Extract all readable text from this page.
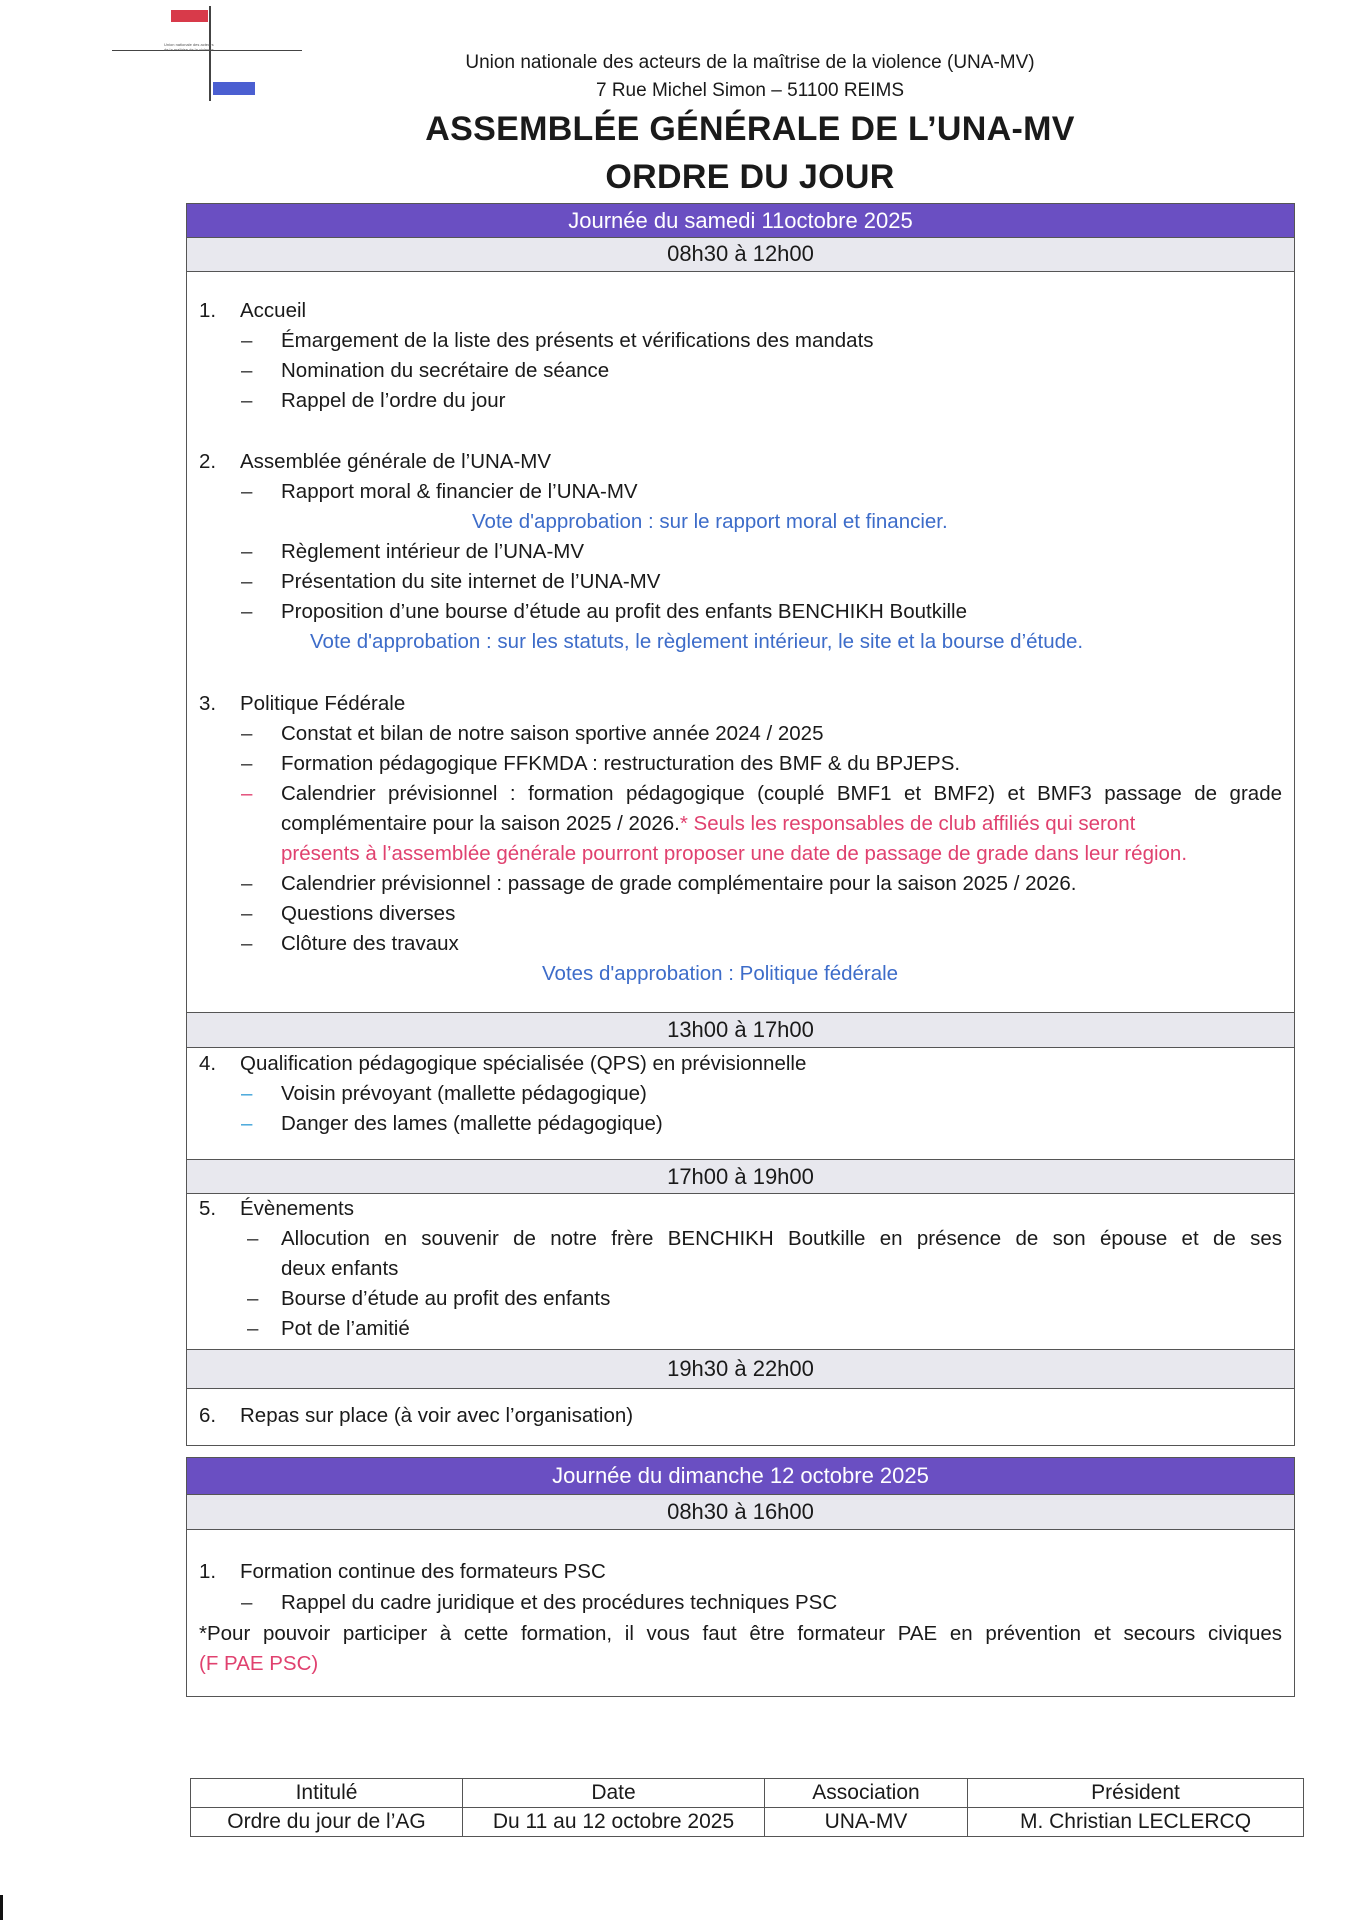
Union nationale des acteurs
de la maîtrise de la violence
Union nationale des acteurs de la maîtrise de la violence (UNA-MV)
7 Rue Michel Simon – 51100 REIMS
ASSEMBLÉE GÉNÉRALE DE L’UNA-MV
ORDRE DU JOUR
Journée du samedi 11octobre 2025
08h30 à 12h00
1. Accueil
– Émargement de la liste des présents et vérifications des mandats
– Nomination du secrétaire de séance
– Rappel de l’ordre du jour
2. Assemblée générale de l’UNA-MV
– Rapport moral & financier de l’UNA-MV
Vote d'approbation : sur le rapport moral et financier.
– Règlement intérieur de l’UNA-MV
– Présentation du site internet de l’UNA-MV
– Proposition d’une bourse d’étude au profit des enfants BENCHIKH Boutkille
Vote d'approbation : sur les statuts, le règlement intérieur, le site et la bourse d’étude.
3. Politique Fédérale
– Constat et bilan de notre saison sportive année 2024 / 2025
– Formation pédagogique FFKMDA : restructuration des BMF & du BPJEPS.
– Calendrier prévisionnel : formation pédagogique (couplé BMF1 et BMF2) et BMF3 passage de grade
complémentaire pour la saison 2025 / 2026.* Seuls les responsables de club affiliés qui seront
présents à l’assemblée générale pourront proposer une date de passage de grade dans leur région.
– Calendrier prévisionnel : passage de grade complémentaire pour la saison 2025 / 2026.
– Questions diverses
– Clôture des travaux
Votes d'approbation : Politique fédérale
13h00 à 17h00
4. Qualification pédagogique spécialisée (QPS) en prévisionnelle
– Voisin prévoyant (mallette pédagogique)
– Danger des lames (mallette pédagogique)
17h00 à 19h00
5. Évènements
– Allocution en souvenir de notre frère BENCHIKH Boutkille en présence de son épouse et de ses
deux enfants
– Bourse d’étude au profit des enfants
– Pot de l’amitié
19h30 à 22h00
6. Repas sur place (à voir avec l’organisation)
Journée du dimanche 12 octobre 2025
08h30 à 16h00
1. Formation continue des formateurs PSC
– Rappel du cadre juridique et des procédures techniques PSC
*Pour pouvoir participer à cette formation, il vous faut être formateur PAE en prévention et secours civiques
(F PAE PSC)
Intitulé	Date	Association	Président
Ordre du jour de l’AG	Du 11 au 12 octobre 2025	UNA-MV	M. Christian LECLERCQ
